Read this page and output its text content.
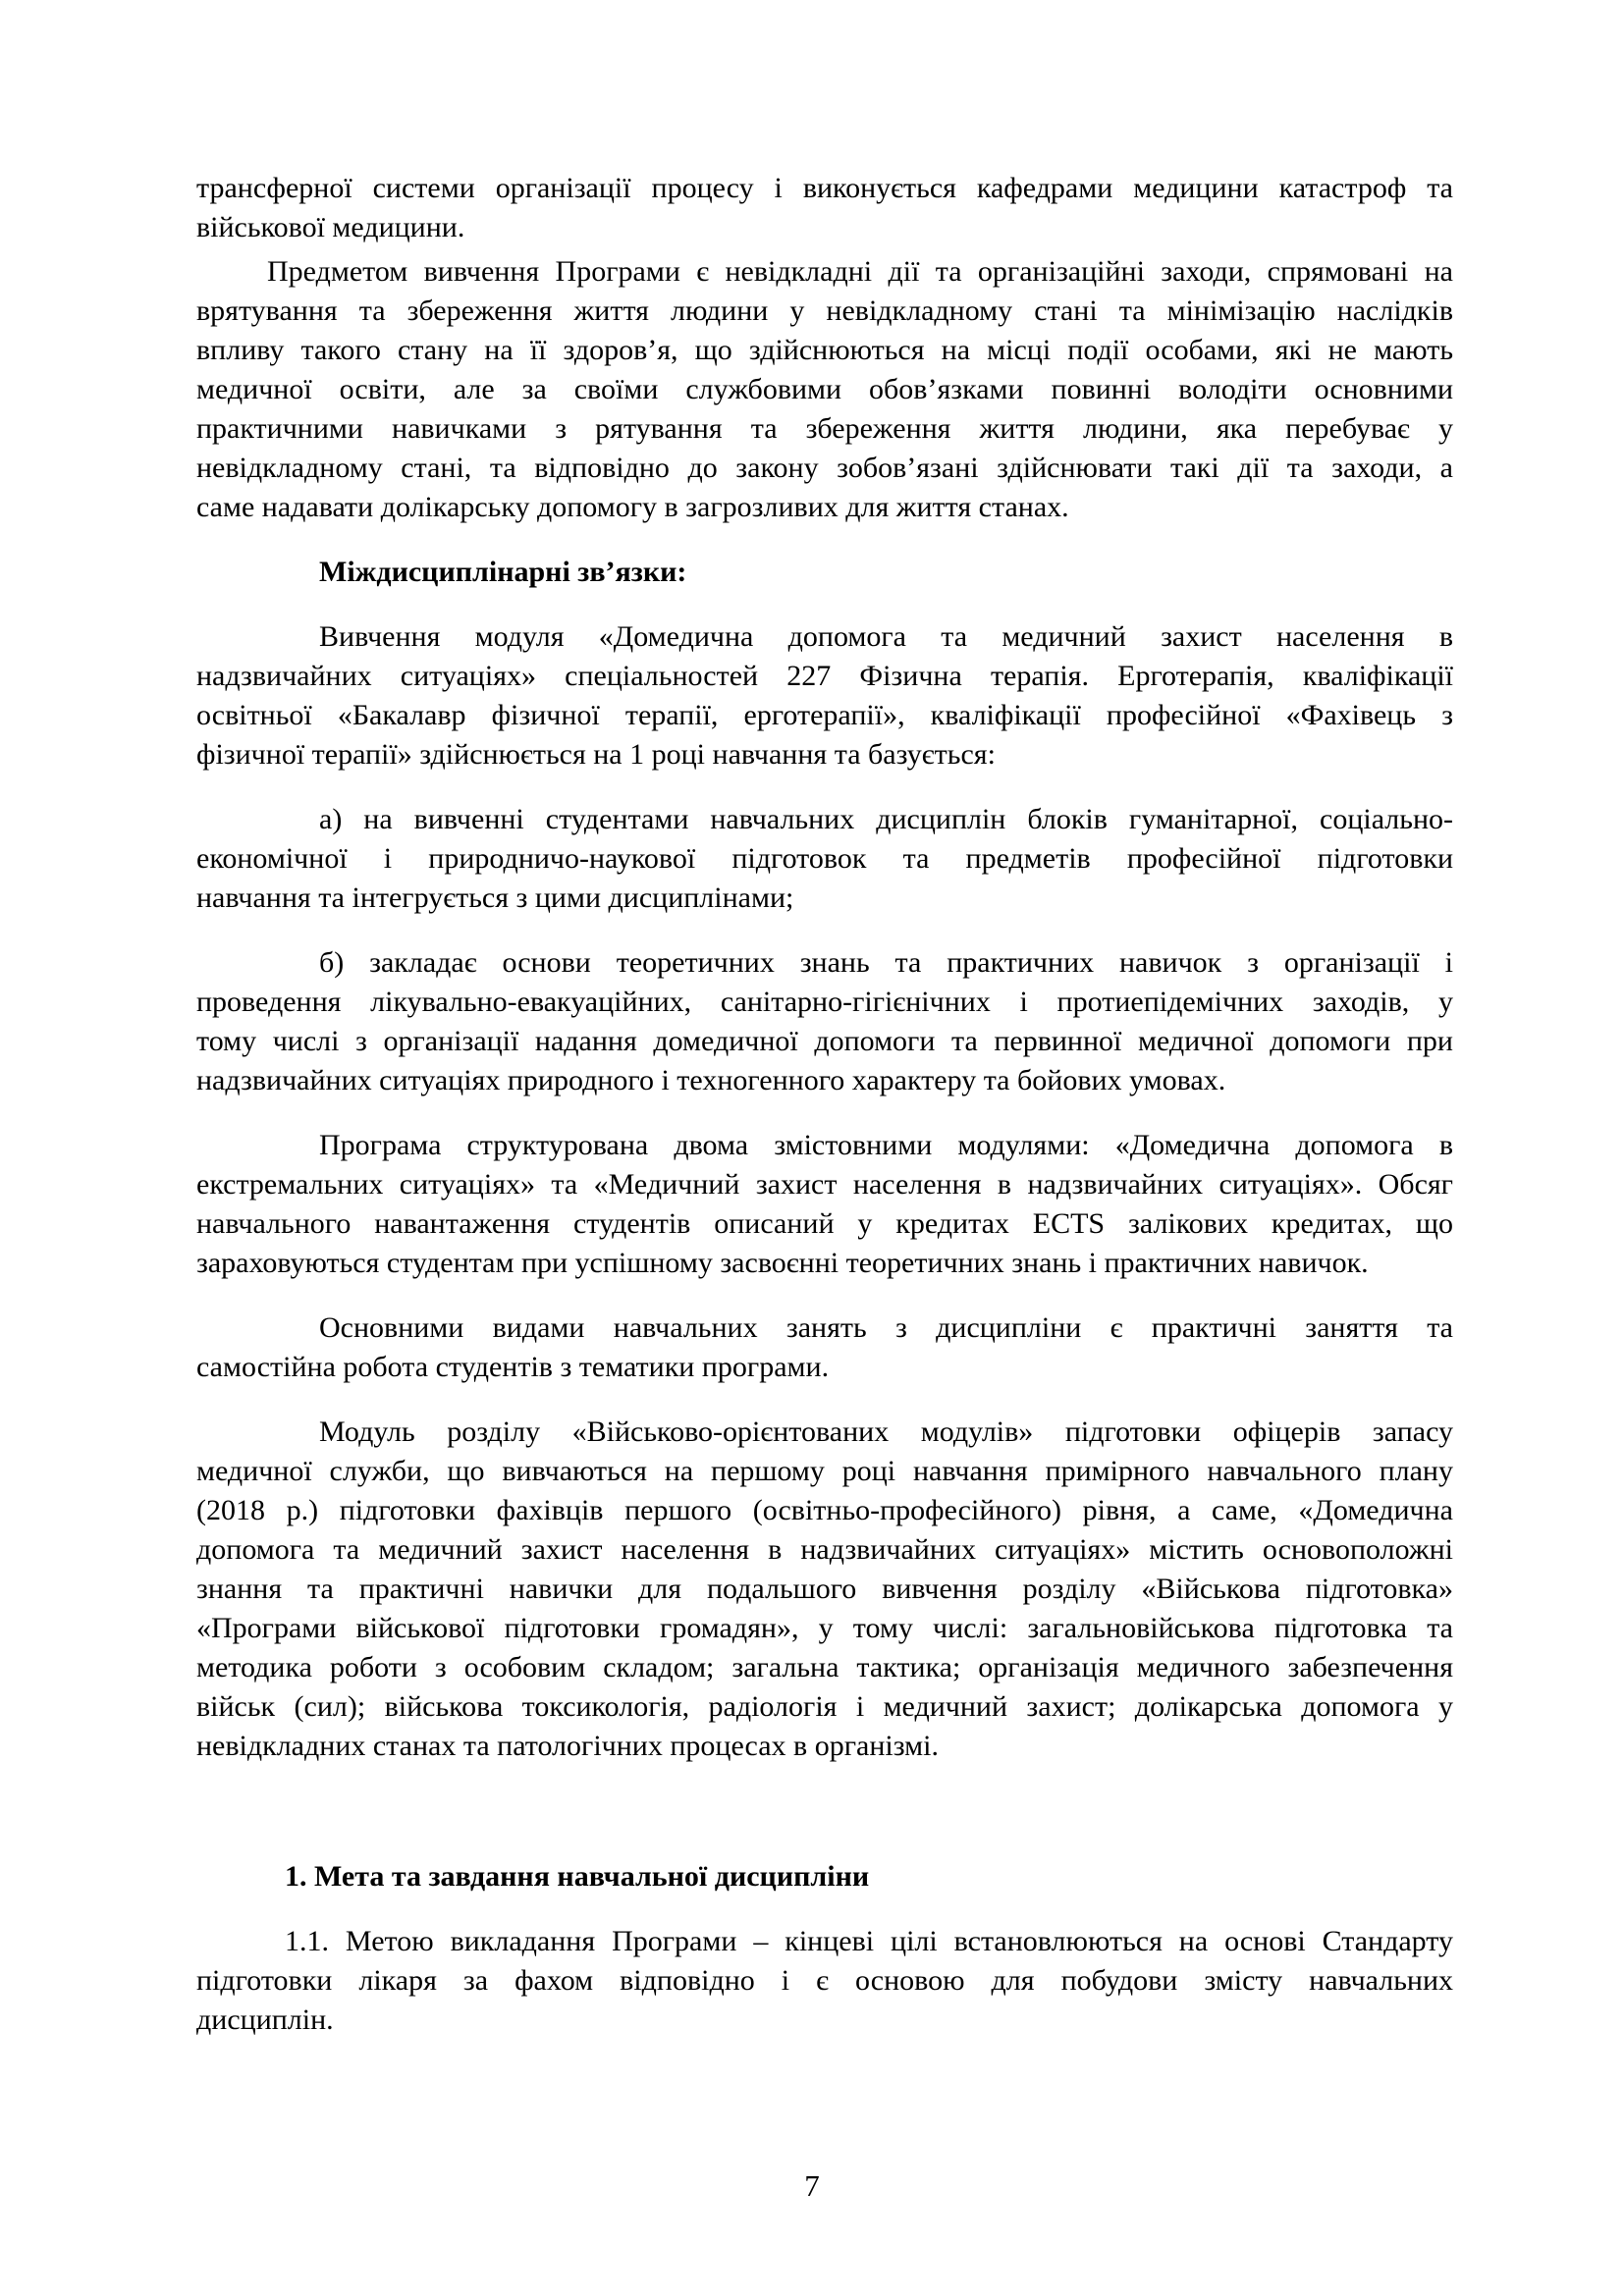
трансферної системи організації процесу і виконується кафедрами медицини катастроф та
військової медицини.
Предметом вивчення Програми є невідкладні дії та організаційні заходи, спрямовані на
врятування та збереження життя людини у невідкладному стані та мінімізацію наслідків
впливу такого стану на її здоров’я, що здійснюються на місці події особами, які не мають
медичної освіти, але за своїми службовими обов’язками повинні володіти основними
практичними навичками з рятування та збереження життя людини, яка перебуває у
невідкладному стані, та відповідно до закону зобов’язані здійснювати такі дії та заходи, а
саме надавати долікарську допомогу в загрозливих для життя станах.
Міждисциплінарні зв’язки:
Вивчення модуля «Домедична допомога та медичний захист населення в
надзвичайних ситуаціях» спеціальностей 227 Фізична терапія. Ерготерапія, кваліфікації
освітньої «Бакалавр фізичної терапії, ерготерапії», кваліфікації професійної «Фахівець з
фізичної терапії» здійснюється на 1 році навчання та базується:
а) на вивченні студентами навчальних дисциплін блоків гуманітарної, соціально-
економічної і природничо-наукової підготовок та предметів професійної підготовки
навчання та інтегрується з цими дисциплінами;
б) закладає основи теоретичних знань та практичних навичок з організації і
проведення лікувально-евакуаційних, санітарно-гігієнічних і протиепідемічних заходів, у
тому числі з організації надання домедичної допомоги та первинної медичної допомоги при
надзвичайних ситуаціях природного і техногенного характеру та бойових умовах.
Програма структурована двома змістовними модулями: «Домедична допомога в
екстремальних ситуаціях» та «Медичний захист населення в надзвичайних ситуаціях». Обсяг
навчального навантаження студентів описаний у кредитах ECTS залікових кредитах, що
зараховуються студентам при успішному засвоєнні теоретичних знань і практичних навичок.
Основними видами навчальних занять з дисципліни є практичні заняття та
самостійна робота студентів з тематики програми.
Модуль розділу «Військово-орієнтованих модулів» підготовки офіцерів запасу
медичної служби, що вивчаються на першому році навчання примірного навчального плану
(2018 р.) підготовки фахівців першого (освітньо-професійного) рівня, а саме, «Домедична
допомога та медичний захист населення в надзвичайних ситуаціях» містить основоположні
знання та практичні навички для подальшого вивчення розділу «Військова підготовка»
«Програми військової підготовки громадян», у тому числі: загальновійськова підготовка та
методика роботи з особовим складом; загальна тактика; організація медичного забезпечення
військ (сил); військова токсикологія, радіологія і медичний захист; долікарська допомога у
невідкладних станах та патологічних процесах в організмі.
1. Мета та завдання навчальної дисципліни
1.1. Метою викладання Програми – кінцеві цілі встановлюються на основі Стандарту
підготовки лікаря за фахом відповідно і є основою для побудови змісту навчальних
дисциплін.
7
